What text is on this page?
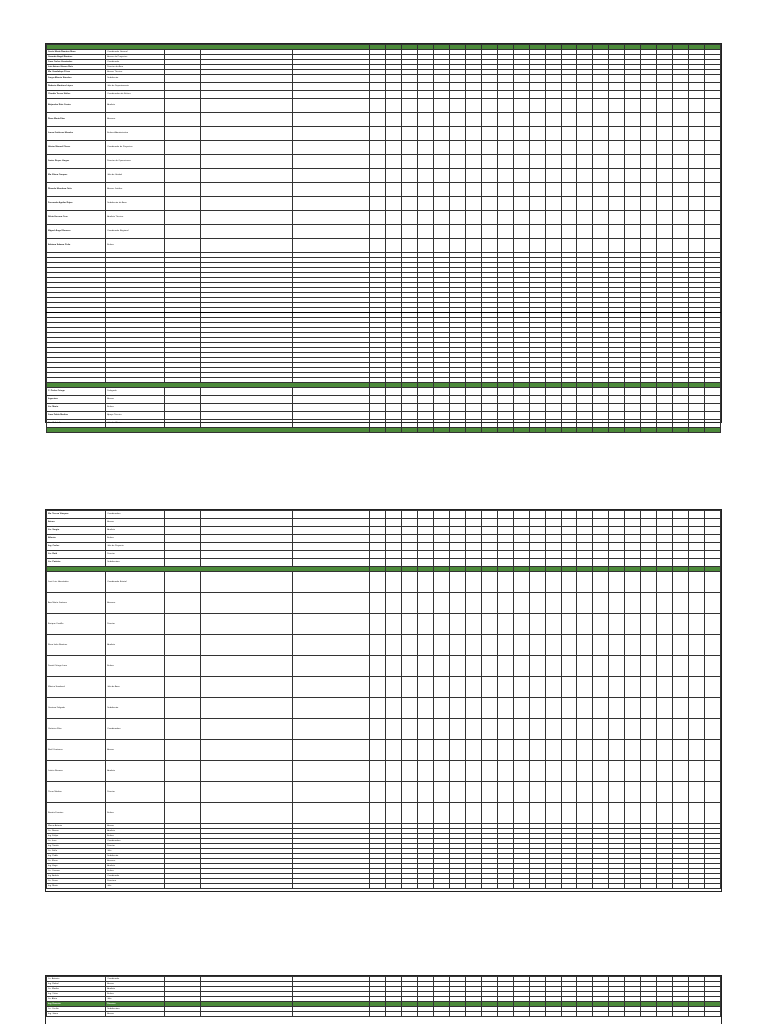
Jesús María Ramírez Mora	Coordinador General																									
Gerardo Ángel Ramírez	Asesor de Proyectos																									
Juan Carlos Hernández	Coordinador																									
Luis Arturo Gómez Ruiz	Director de Área																									
Ma. Guadalupe Pérez	Asesor Técnico																									
Jorge Alberto Sánchez	Subdirector																									
Roberto Martínez López	Jefe de Departamento																									
Claudia Torres Núñez	Coordinadora de Enlace																									
Alejandro Ruiz Castro	Analista																									
Rosa María Díaz	Asesora																									
Laura Gutiérrez Morales	Enlace Administrativo																									
Héctor Manuel Flores	Coordinador de Proyectos																									
Javier Reyes Vargas	Director de Operaciones																									
Ma. Elena Campos	Jefa de Unidad																									
Ricardo Mendoza Ortiz	Asesor Jurídico																									
Fernando Aguilar Rojas	Subdirector de Área																									
Silvia Herrera Cruz	Analista Técnica																									
Miguel Ángel Romero	Coordinador Regional																									
Adriana Salazar Peña	Enlace																									

C. Pedro Ortega	Delegado																									
Ingeniero	Asesor																									
Lic. Mario	Enlace																									
Juan Pablo Medina	Apoyo Técnico																									
Lic. Gabriela	Jefa de Oficina																									

Ma. Teresa Vázquez	Coordinadora																									
Arturo	Asesor																									
Lic. Sergio	Analista																									
Alberto	Enlace																									
Ing. Carlos	Jefe de Proyecto																									
Lic. Raúl	Director																									
Lic. Patricia	Subdirectora																									

José Luis Hernández	Coordinador Estatal																									
Ana María Jiménez	Asesora																									
Enrique Castillo	Director																									
Rosa Isela Ramírez	Analista																									
Daniel Ortega Luna	Enlace																									
Mónica Sandoval	Jefa de Área																									
Gustavo Delgado	Subdirector																									
Verónica Ríos	Coordinadora																									
Raúl Contreras	Asesor																									
Leticia Navarro	Analista																									
Óscar Medina	Director																									
Beatriz Fuentes	Enlace																									
Marco Antonio	Asesor																									
Lic. Norma	Analista																									
Ing. Felipe	Enlace																									
Lic. Irma	Coordinadora																									
Ing. Tomás	Director																									
Lic. Sofía	Jefa																									
Ing. Pablo	Subdirector																									
Lic. Elena	Asesora																									
Ing. Hugo	Analista																									
Lic. Carmen	Enlace																									
Ing. Andrés	Coordinador																									
Lic. Diana	Directora																									
Ing. Mario	Jefe																									
Lic. Antonio	Coordinador																									
Ing. Rafael	Asesor																									
Lic. Martha	Analista																									
Ing. Víctor	Enlace																									
Lic. Alicia	Jefa																									
Ing. Ernesto	Director																									
Lic. Cecilia	Subdirectora																									
Ing. Jaime	Asesor																									
